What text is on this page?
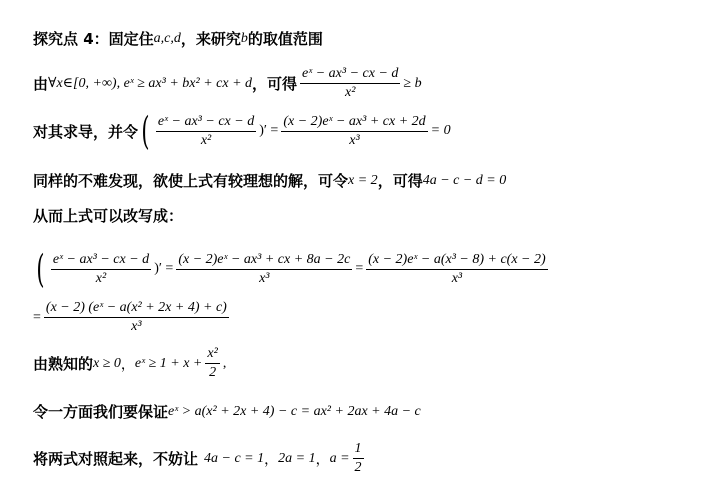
探究点 4：固定住 a,c,d ，来研究 b 的取值范围
由 ∀x∈[0, +∞), eˣ ≥ ax³ + bx² + cx + d ，可得 $\frac{\text{eˣ − ax³ − cx − d}}{\text{x²}} \ge b$
对其求导，并令 ( $\frac{\text{eˣ − ax³ − cx − d}}{\text{x²}}$ )′ = $\frac{\text{(x − 2)eˣ − ax³ + cx + 2d}}{\text{x³}} = 0$
同样的不难发现，欲使上式有较理想的解，可令 x = 2 ，可得 4a − c − d = 0
从而上式可以改写成：
( $\frac{\text{eˣ − ax³ − cx − d}}{\text{x²}}$ )′ = $\frac{\text{(x − 2)eˣ − ax³ + cx + 8a − 2c}}{\text{x³}} = \frac{\text{(x − 2)eˣ − a(x³ − 8) + c(x − 2)}}{\text{x³}}$
= $\frac{\text{(x − 2) (eˣ − a(x² + 2x + 4) + c)}}{\text{x³}}$
由熟知的 x ≥ 0 ， eˣ ≥ $1 + x + \frac{\text{x²}}{2}$ ,
令一方面我们要保证 eˣ > a(x² + 2x + 4) − c = ax² + 2ax + 4a − c
将两式对照起来，不妨让 4a − c = 1 ， 2a = 1 ， $a = \frac{1}{2}$
